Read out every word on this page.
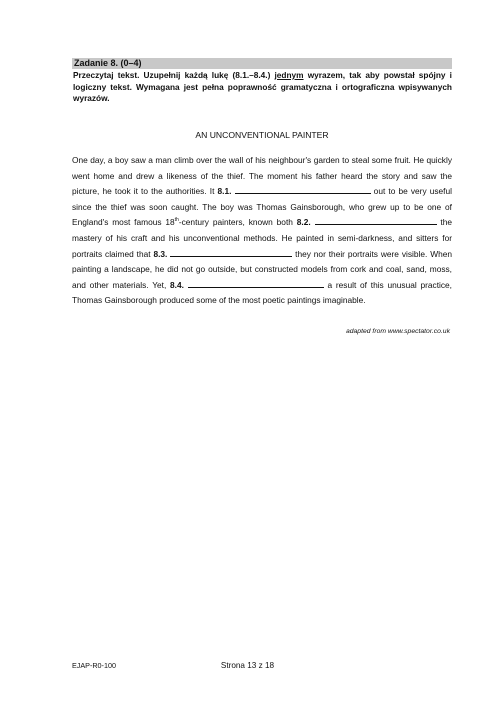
Zadanie 8. (0–4)
Przeczytaj tekst. Uzupełnij każdą lukę (8.1.–8.4.) jednym wyrazem, tak aby powstał spójny i logiczny tekst. Wymagana jest pełna poprawność gramatyczna i ortograficzna wpisywanych wyrazów.
AN UNCONVENTIONAL PAINTER
One day, a boy saw a man climb over the wall of his neighbour's garden to steal some fruit. He quickly went home and drew a likeness of the thief. The moment his father heard the story and saw the picture, he took it to the authorities. It 8.1.	out to be very useful since the thief was soon caught. The boy was Thomas Gainsborough, who grew up to be one of England's most famous 18th-century painters, known both 8.2.	the mastery of his craft and his unconventional methods. He painted in semi-darkness, and sitters for portraits claimed that 8.3.	they nor their portraits were visible. When painting a landscape, he did not go outside, but constructed models from cork and coal, sand, moss, and other materials. Yet, 8.4.	a result of this unusual practice, Thomas Gainsborough produced some of the most poetic paintings imaginable.
adapted from www.spectator.co.uk
EJAP-R0-100	Strona 13 z 18
